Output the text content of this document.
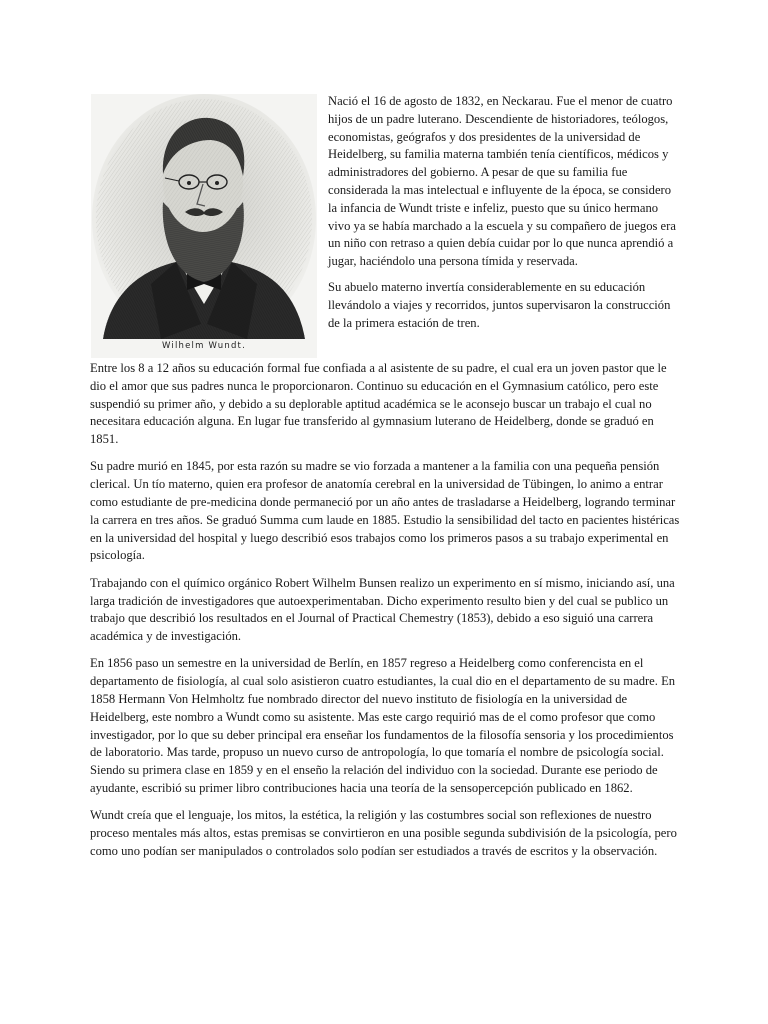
Wilhelm Wundt.

Nació el 16 de agosto de 1832, en Neckarau. Fue el menor de cuatro hijos de un padre luterano. Descendiente de historiadores, teólogos, economistas, geógrafos y dos presidentes de la universidad de Heidelberg, su familia materna también tenía científicos, médicos y administradores del gobierno. A pesar de que su familia fue considerada la mas intelectual e influyente de la época, se considero la infancia de Wundt triste e infeliz, puesto que su único hermano vivo ya se había marchado a la escuela y su compañero de juegos era un niño con retraso a quien debía cuidar por lo que nunca aprendió a jugar, haciéndolo una persona tímida y reservada.

Su abuelo materno invertía considerablemente en su educación llevándolo a viajes y recorridos, juntos supervisaron la construcción de la primera estación de tren.

Entre los 8 a 12 años su educación formal fue confiada a al asistente de su padre, el cual era un joven pastor que le dio el amor que sus padres nunca le proporcionaron. Continuo su educación en el Gymnasium católico, pero este suspendió su primer año, y debido a su deplorable aptitud académica se le aconsejo buscar un trabajo el cual no necesitara educación alguna. En lugar fue transferido al gymnasium luterano de Heidelberg, donde se graduó en 1851.

Su padre murió en 1845, por esta razón su madre se vio forzada a mantener a la familia con una pequeña pensión clerical. Un tío materno, quien era profesor de anatomía cerebral en la universidad de Tübingen, lo animo a entrar como estudiante de pre-medicina donde permaneció por un año antes de trasladarse a Heidelberg, logrando terminar la carrera en tres años. Se graduó Summa cum laude en 1885. Estudio la sensibilidad del tacto en pacientes histéricas en la universidad del hospital y luego describió esos trabajos como los primeros pasos a su trabajo experimental en psicología.

Trabajando con el químico orgánico Robert Wilhelm Bunsen realizo un experimento en sí mismo, iniciando así, una larga tradición de investigadores que autoexperimentaban. Dicho experimento resulto bien y del cual se publico un trabajo que describió los resultados en el Journal of Practical Chemestry (1853), debido a eso siguió una carrera académica y de investigación.

En 1856 paso un semestre en la universidad de Berlín, en 1857 regreso a Heidelberg como conferencista en el departamento de fisiología, al cual solo asistieron cuatro estudiantes, la cual dio en el departamento de su madre. En 1858 Hermann Von Helmholtz fue nombrado director del nuevo instituto de fisiología en la universidad de Heidelberg, este nombro a Wundt como su asistente. Mas este cargo requirió mas de el como profesor que como investigador, por lo que su deber principal era enseñar los fundamentos de la filosofía sensoria y los procedimientos de laboratorio. Mas tarde, propuso un nuevo curso de antropología, lo que tomaría el nombre de psicología social. Siendo su primera clase en 1859 y en el enseño la relación del individuo con la sociedad. Durante ese periodo de ayudante, escribió su primer libro contribuciones hacia una teoría de la sensopercepción publicado en 1862.

Wundt creía que el lenguaje, los mitos, la estética, la religión y las costumbres social son reflexiones de nuestro proceso mentales más altos, estas premisas se convirtieron en una posible segunda subdivisión de la psicología, pero como uno podían ser manipulados o controlados solo podían ser estudiados a través de escritos y la observación.
